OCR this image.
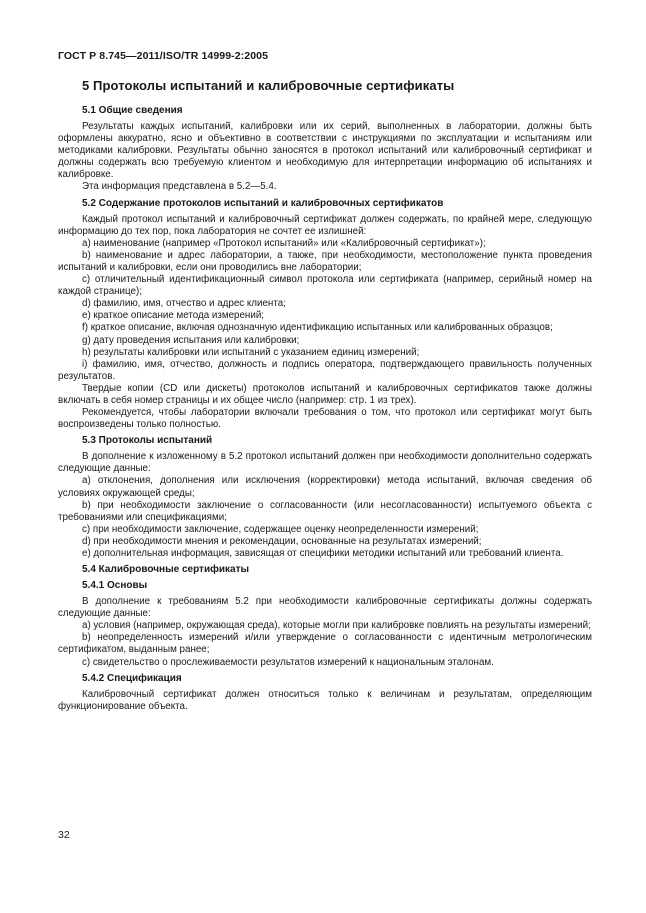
ГОСТ Р 8.745—2011/ISO/TR 14999-2:2005
5 Протоколы испытаний и калибровочные сертификаты
5.1 Общие сведения

Результаты каждых испытаний, калибровки или их серий, выполненных в лаборатории, должны быть оформлены аккуратно, ясно и объективно в соответствии с инструкциями по эксплуатации и испытаниям или методиками калибровки. Результаты обычно заносятся в протокол испытаний или калибровочный сертификат и должны содержать всю требуемую клиентом и необходимую для интерпретации информацию об испытаниях и калибровке.

Эта информация представлена в 5.2—5.4.

5.2 Содержание протоколов испытаний и калибровочных сертификатов

Каждый протокол испытаний и калибровочный сертификат должен содержать, по крайней мере, следующую информацию до тех пор, пока лаборатория не сочтет ее излишней:

а) наименование (например «Протокол испытаний» или «Калибровочный сертификат»);

b) наименование и адрес лаборатории, а также, при необходимости, местоположение пункта проведения испытаний и калибровки, если они проводились вне лаборатории;

с) отличительный идентификационный символ протокола или сертификата (например, серийный номер на каждой странице);

d) фамилию, имя, отчество и адрес клиента;

е) краткое описание метода измерений;

f) краткое описание, включая однозначную идентификацию испытанных или калиброванных образцов;

g) дату проведения испытания или калибровки;

h) результаты калибровки или испытаний с указанием единиц измерений;

i) фамилию, имя, отчество, должность и подпись оператора, подтверждающего правильность полученных результатов.

Твердые копии (CD или дискеты) протоколов испытаний и калибровочных сертификатов также должны включать в себя номер страницы и их общее число (например: стр. 1 из трех).

Рекомендуется, чтобы лаборатории включали требования о том, что протокол или сертификат могут быть воспроизведены только полностью.

5.3 Протоколы испытаний

В дополнение к изложенному в 5.2 протокол испытаний должен при необходимости дополнительно содержать следующие данные:

а) отклонения, дополнения или исключения (корректировки) метода испытаний, включая сведения об условиях окружающей среды;

b) при необходимости заключение о согласованности (или несогласованности) испытуемого объекта с требованиями или спецификациями;

с) при необходимости заключение, содержащее оценку неопределенности измерений;

d) при необходимости мнения и рекомендации, основанные на результатах измерений;

е) дополнительная информация, зависящая от специфики методики испытаний или требований клиента.

5.4 Калибровочные сертификаты
5.4.1 Основы

В дополнение к требованиям 5.2 при необходимости калибровочные сертификаты должны содержать следующие данные:

а) условия (например, окружающая среда), которые могли при калибровке повлиять на результаты измерений;

b) неопределенность измерений и/или утверждение о согласованности с идентичным метрологическим сертификатом, выданным ранее;

с) свидетельство о прослеживаемости результатов измерений к национальным эталонам.

5.4.2 Спецификация

Калибровочный сертификат должен относиться только к величинам и результатам, определяющим функционирование объекта.

32
